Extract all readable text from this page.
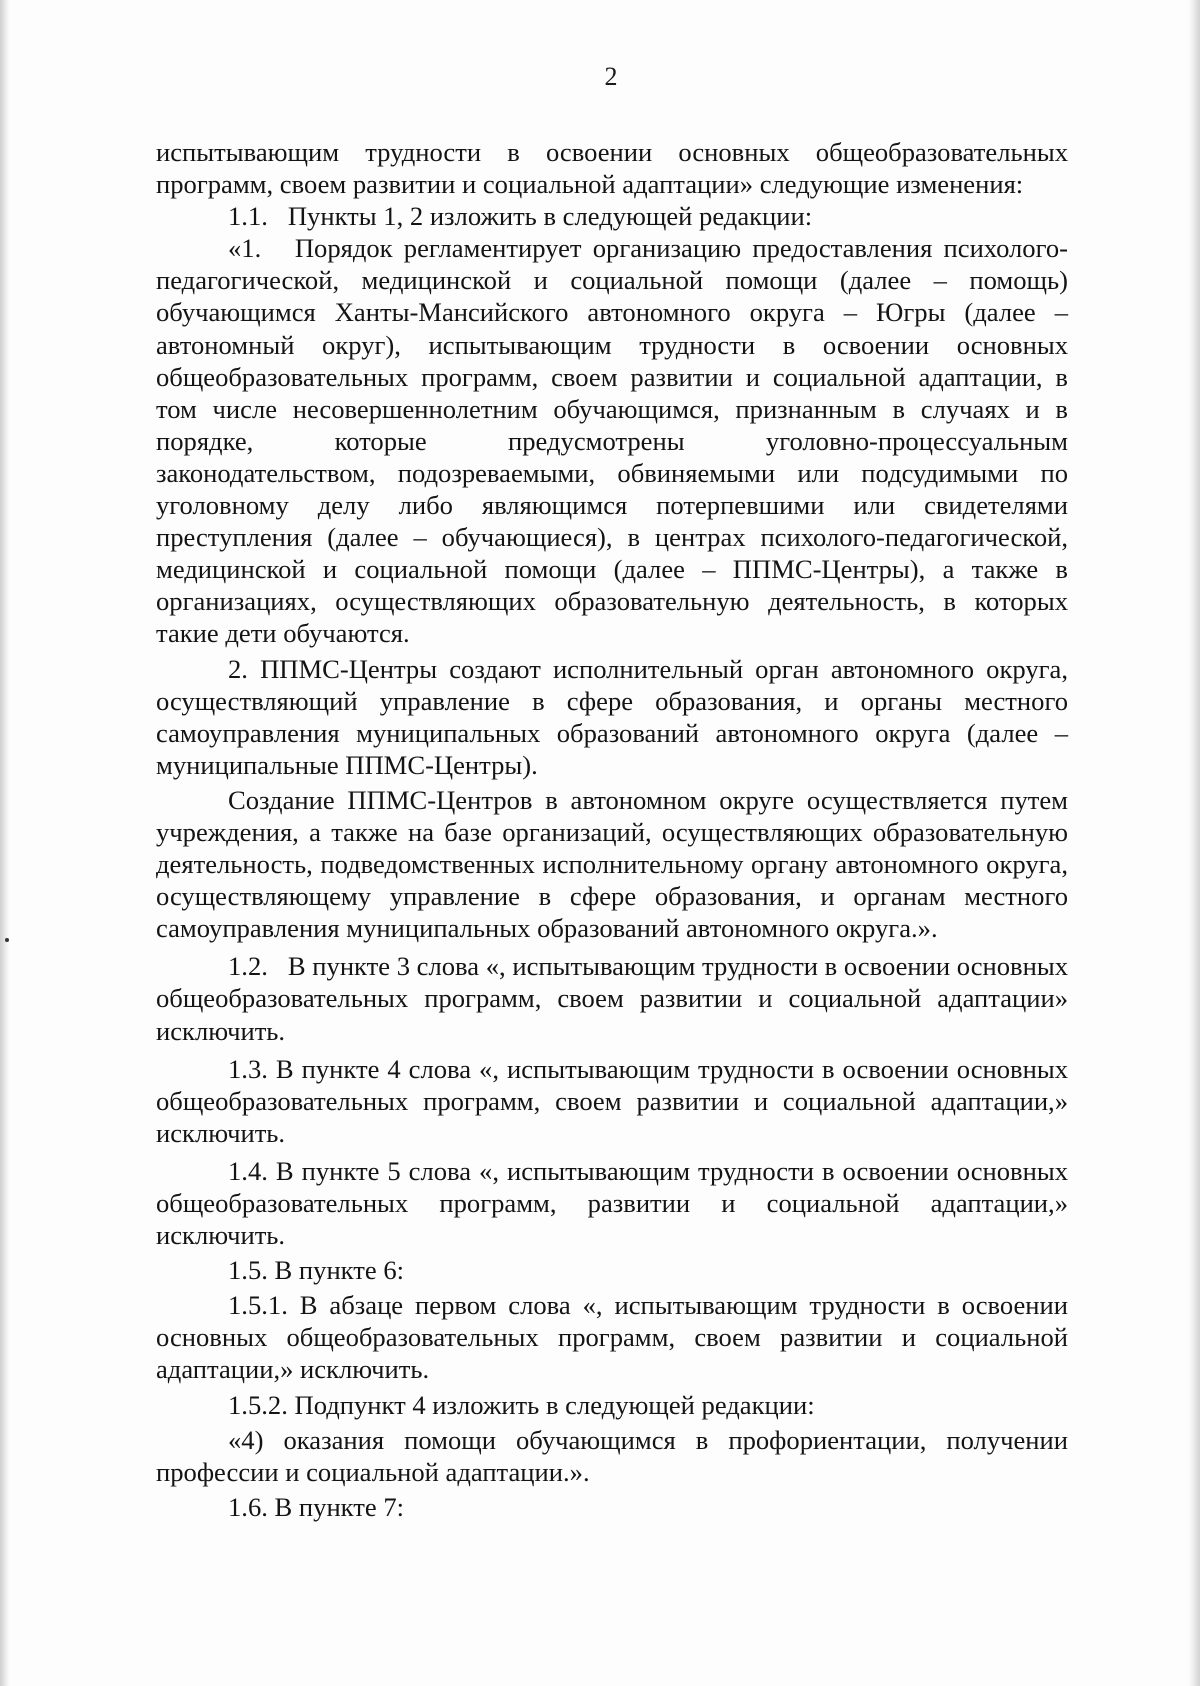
2

испытывающим трудности в освоении основных общеобразовательных программ, своем развитии и социальной адаптации» следующие изменения:

1.1.   Пункты 1, 2 изложить в следующей редакции:

«1.   Порядок регламентирует организацию предоставления психолого-педагогической, медицинской и социальной помощи (далее – помощь) обучающимся Ханты-Мансийского автономного округа – Югры (далее – автономный округ), испытывающим трудности в освоении основных общеобразовательных программ, своем развитии и социальной адаптации, в том числе несовершеннолетним обучающимся, признанным в случаях и в порядке, которые предусмотрены уголовно-процессуальным законодательством, подозреваемыми, обвиняемыми или подсудимыми по уголовному делу либо являющимся потерпевшими или свидетелями преступления (далее – обучающиеся), в центрах психолого-педагогической, медицинской и социальной помощи (далее – ППМС-Центры), а также в организациях, осуществляющих образовательную деятельность, в которых такие дети обучаются.

2. ППМС-Центры создают исполнительный орган автономного округа, осуществляющий управление в сфере образования, и органы местного самоуправления муниципальных образований автономного округа (далее – муниципальные ППМС-Центры).

Создание ППМС-Центров в автономном округе осуществляется путем учреждения, а также на базе организаций, осуществляющих образовательную деятельность, подведомственных исполнительному органу автономного округа, осуществляющему управление в сфере образования, и органам местного самоуправления муниципальных образований автономного округа.».

1.2.   В пункте 3 слова «, испытывающим трудности в освоении основных общеобразовательных программ, своем развитии и социальной адаптации» исключить.

1.3. В пункте 4 слова «, испытывающим трудности в освоении основных общеобразовательных программ, своем развитии и социальной адаптации,» исключить.

1.4. В пункте 5 слова «, испытывающим трудности в освоении основных общеобразовательных программ, развитии и социальной адаптации,» исключить.

1.5. В пункте 6:

1.5.1. В абзаце первом слова «, испытывающим трудности в освоении основных общеобразовательных программ, своем развитии и социальной адаптации,» исключить.

1.5.2. Подпункт 4 изложить в следующей редакции:

«4) оказания помощи обучающимся в профориентации, получении профессии и социальной адаптации.».

1.6. В пункте 7:
